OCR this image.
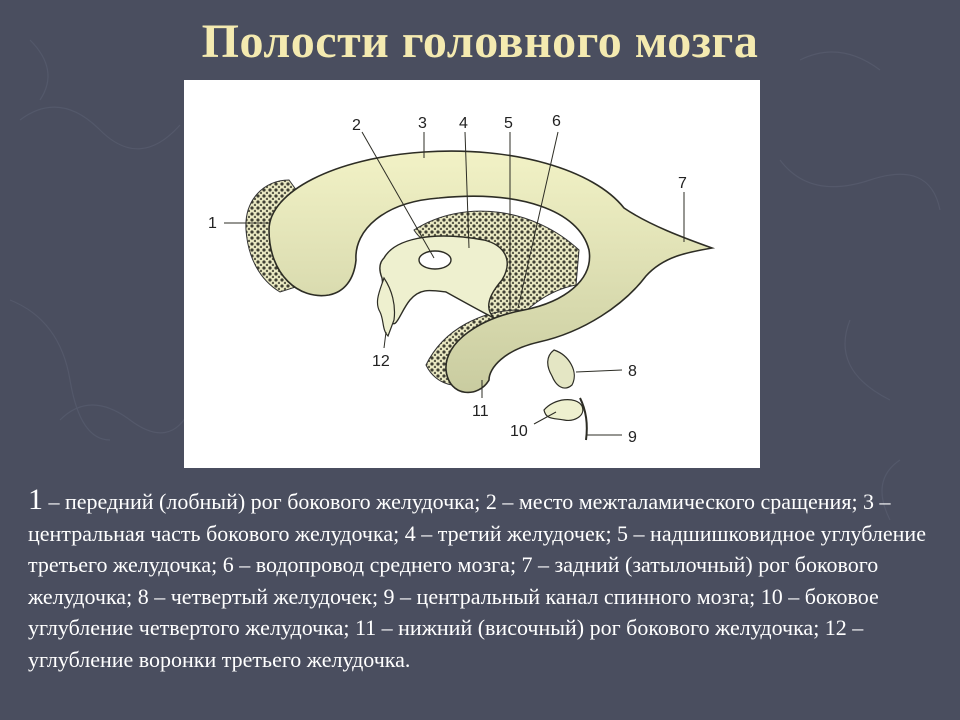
Полости головного мозга
1
2	3 4 5 6
7
8
9
10
11
12
1 – передний (лобный) рог бокового желудочка; 2 – место межталамического сращения; 3 – центральная часть бокового желудочка; 4 – третий желудочек; 5 – надшишковидное углубление третьего желудочка; 6 – водопровод среднего мозга; 7 – задний (затылочный) рог бокового желудочка; 8 – четвертый желудочек; 9 – центральный канал спинного мозга; 10 – боковое углубление четвертого желудочка; 11 – нижний (височный) рог бокового желудочка; 12 – углубление воронки третьего желудочка.
